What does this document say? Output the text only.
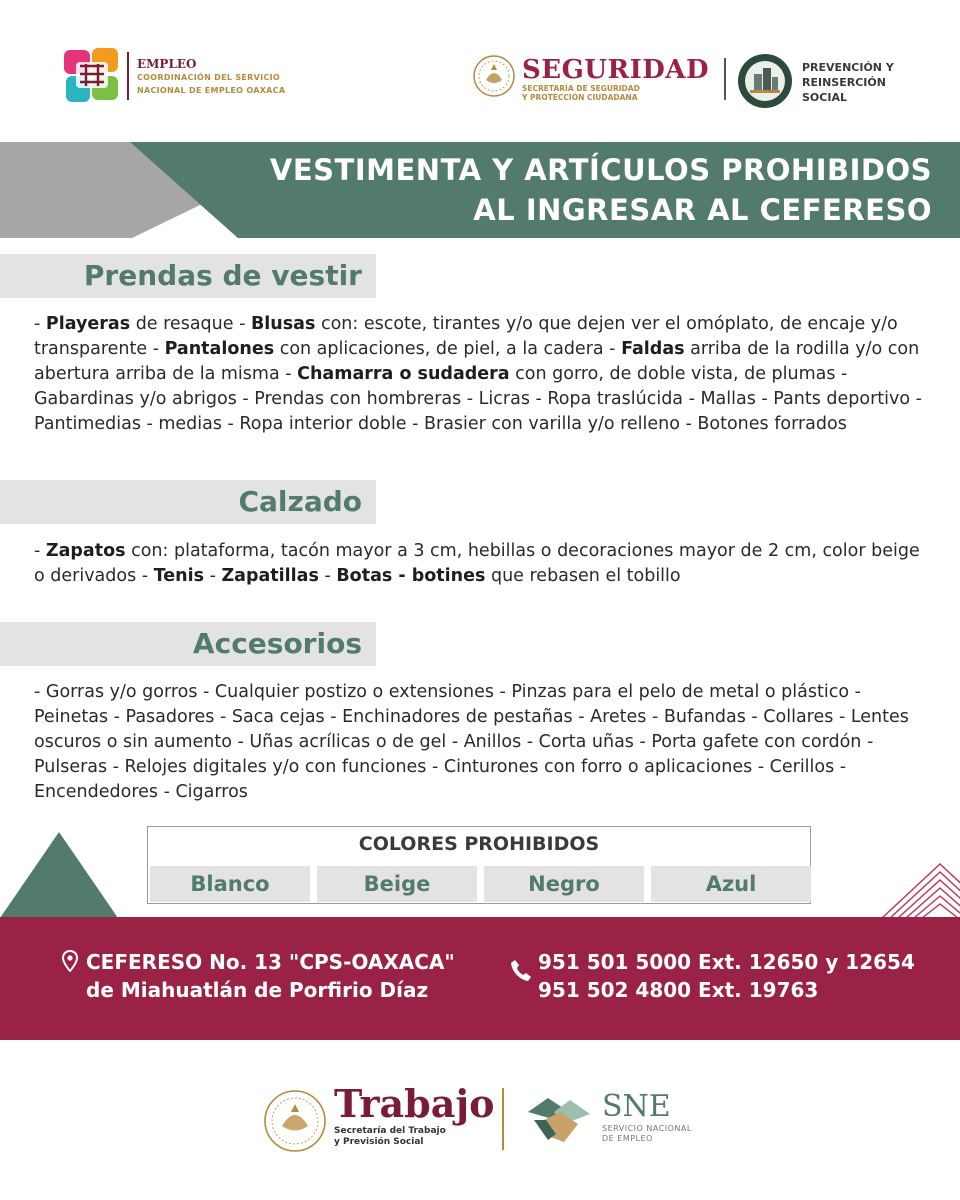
EMPLEO
COORDINACIÓN DEL SERVICIO
NACIONAL DE EMPLEO OAXACA
SEGURIDAD
SECRETARÍA DE SEGURIDAD
Y PROTECCIÓN CIUDADANA
PREVENCIÓN Y
REINSERCIÓN
SOCIAL
VESTIMENTA Y ARTÍCULOS PROHIBIDOS
AL INGRESAR AL CEFERESO
Prendas de vestir
- Playeras de resaque - Blusas con: escote, tirantes y/o que dejen ver el omóplato, de encaje y/o transparente - Pantalones con aplicaciones, de piel, a la cadera - Faldas arriba de la rodilla y/o con abertura arriba de la misma - Chamarra o sudadera con gorro, de doble vista, de plumas - Gabardinas y/o abrigos - Prendas con hombreras - Licras - Ropa traslúcida - Mallas - Pants deportivo - Pantimedias - medias - Ropa interior doble - Brasier con varilla y/o relleno - Botones forrados
Calzado
- Zapatos con: plataforma, tacón mayor a 3 cm, hebillas o decoraciones mayor de 2 cm, color beige o derivados - Tenis - Zapatillas - Botas - botines que rebasen el tobillo
Accesorios
- Gorras y/o gorros - Cualquier postizo o extensiones - Pinzas para el pelo de metal o plástico - Peinetas - Pasadores - Saca cejas - Enchinadores de pestañas - Aretes - Bufandas - Collares - Lentes oscuros o sin aumento - Uñas acrílicas o de gel - Anillos - Corta uñas - Porta gafete con cordón - Pulseras - Relojes digitales y/o con funciones - Cinturones con forro o aplicaciones - Cerillos - Encendedores - Cigarros
COLORES PROHIBIDOS
Blanco	Beige	Negro	Azul
CEFERESO No. 13 "CPS-OAXACA"
de Miahuatlán de Porfirio Díaz
951 501 5000 Ext. 12650 y 12654
951 502 4800 Ext. 19763
Trabajo
Secretaría del Trabajo
y Previsión Social
SNE
SERVICIO NACIONAL
DE EMPLEO
